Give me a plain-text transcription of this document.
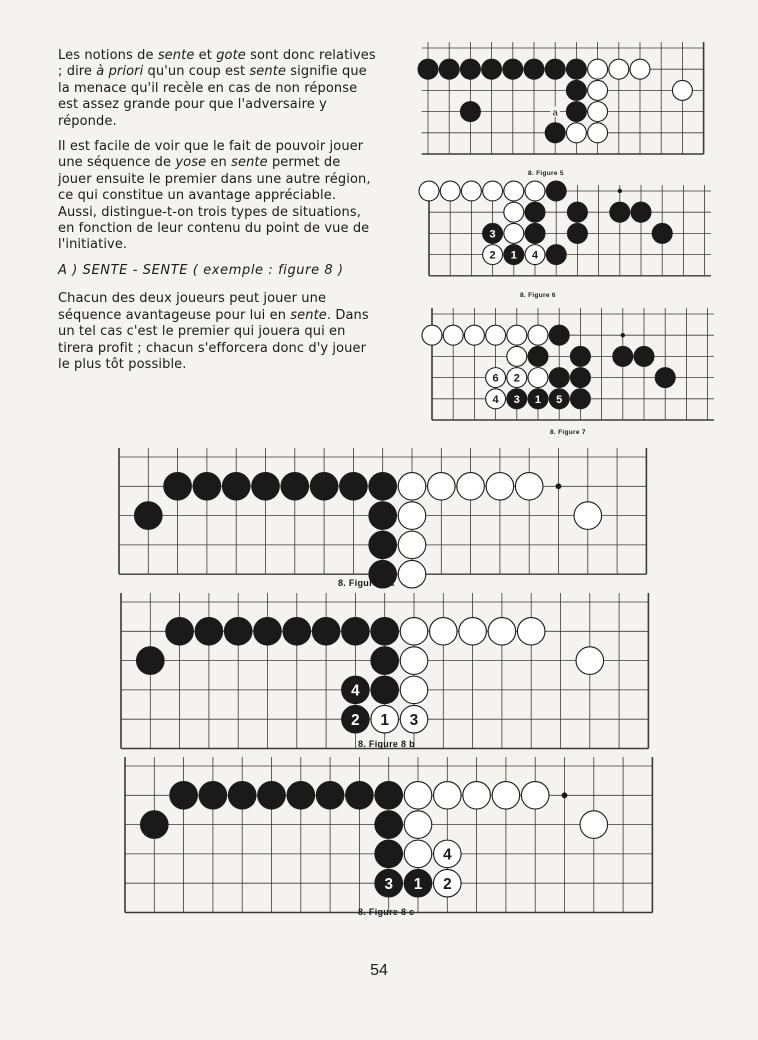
Les notions de sente et gote sont donc relatives ; dire à priori qu'un coup est sente signifie que la menace qu'il recèle en cas de non réponse est assez grande pour que l'adversaire y réponde.

Il est facile de voir que le fait de pouvoir jouer une séquence de yose en sente permet de jouer ensuite le premier dans une autre région, ce qui constitue un avantage appréciable. Aussi, distingue-t-on trois types de situations, en fonction de leur contenu du point de vue de l'initiative.

A ) SENTE - SENTE ( exemple : figure 8 )

Chacun des deux joueurs peut jouer une séquence avantageuse pour lui en sente. Dans un tel cas c'est le premier qui jouera qui en tirera profit ; chacun s'efforcera donc d'y jouer le plus tôt possible.

a
3
2 1 4
6 2
4 3 1 5
4
2 1 3
4
3 1 2
8. Figure 5
8. Figure 6
8. Figure 7
8. Figure 8 a
8. Figure 8 b
8. Figure 8 c
54
